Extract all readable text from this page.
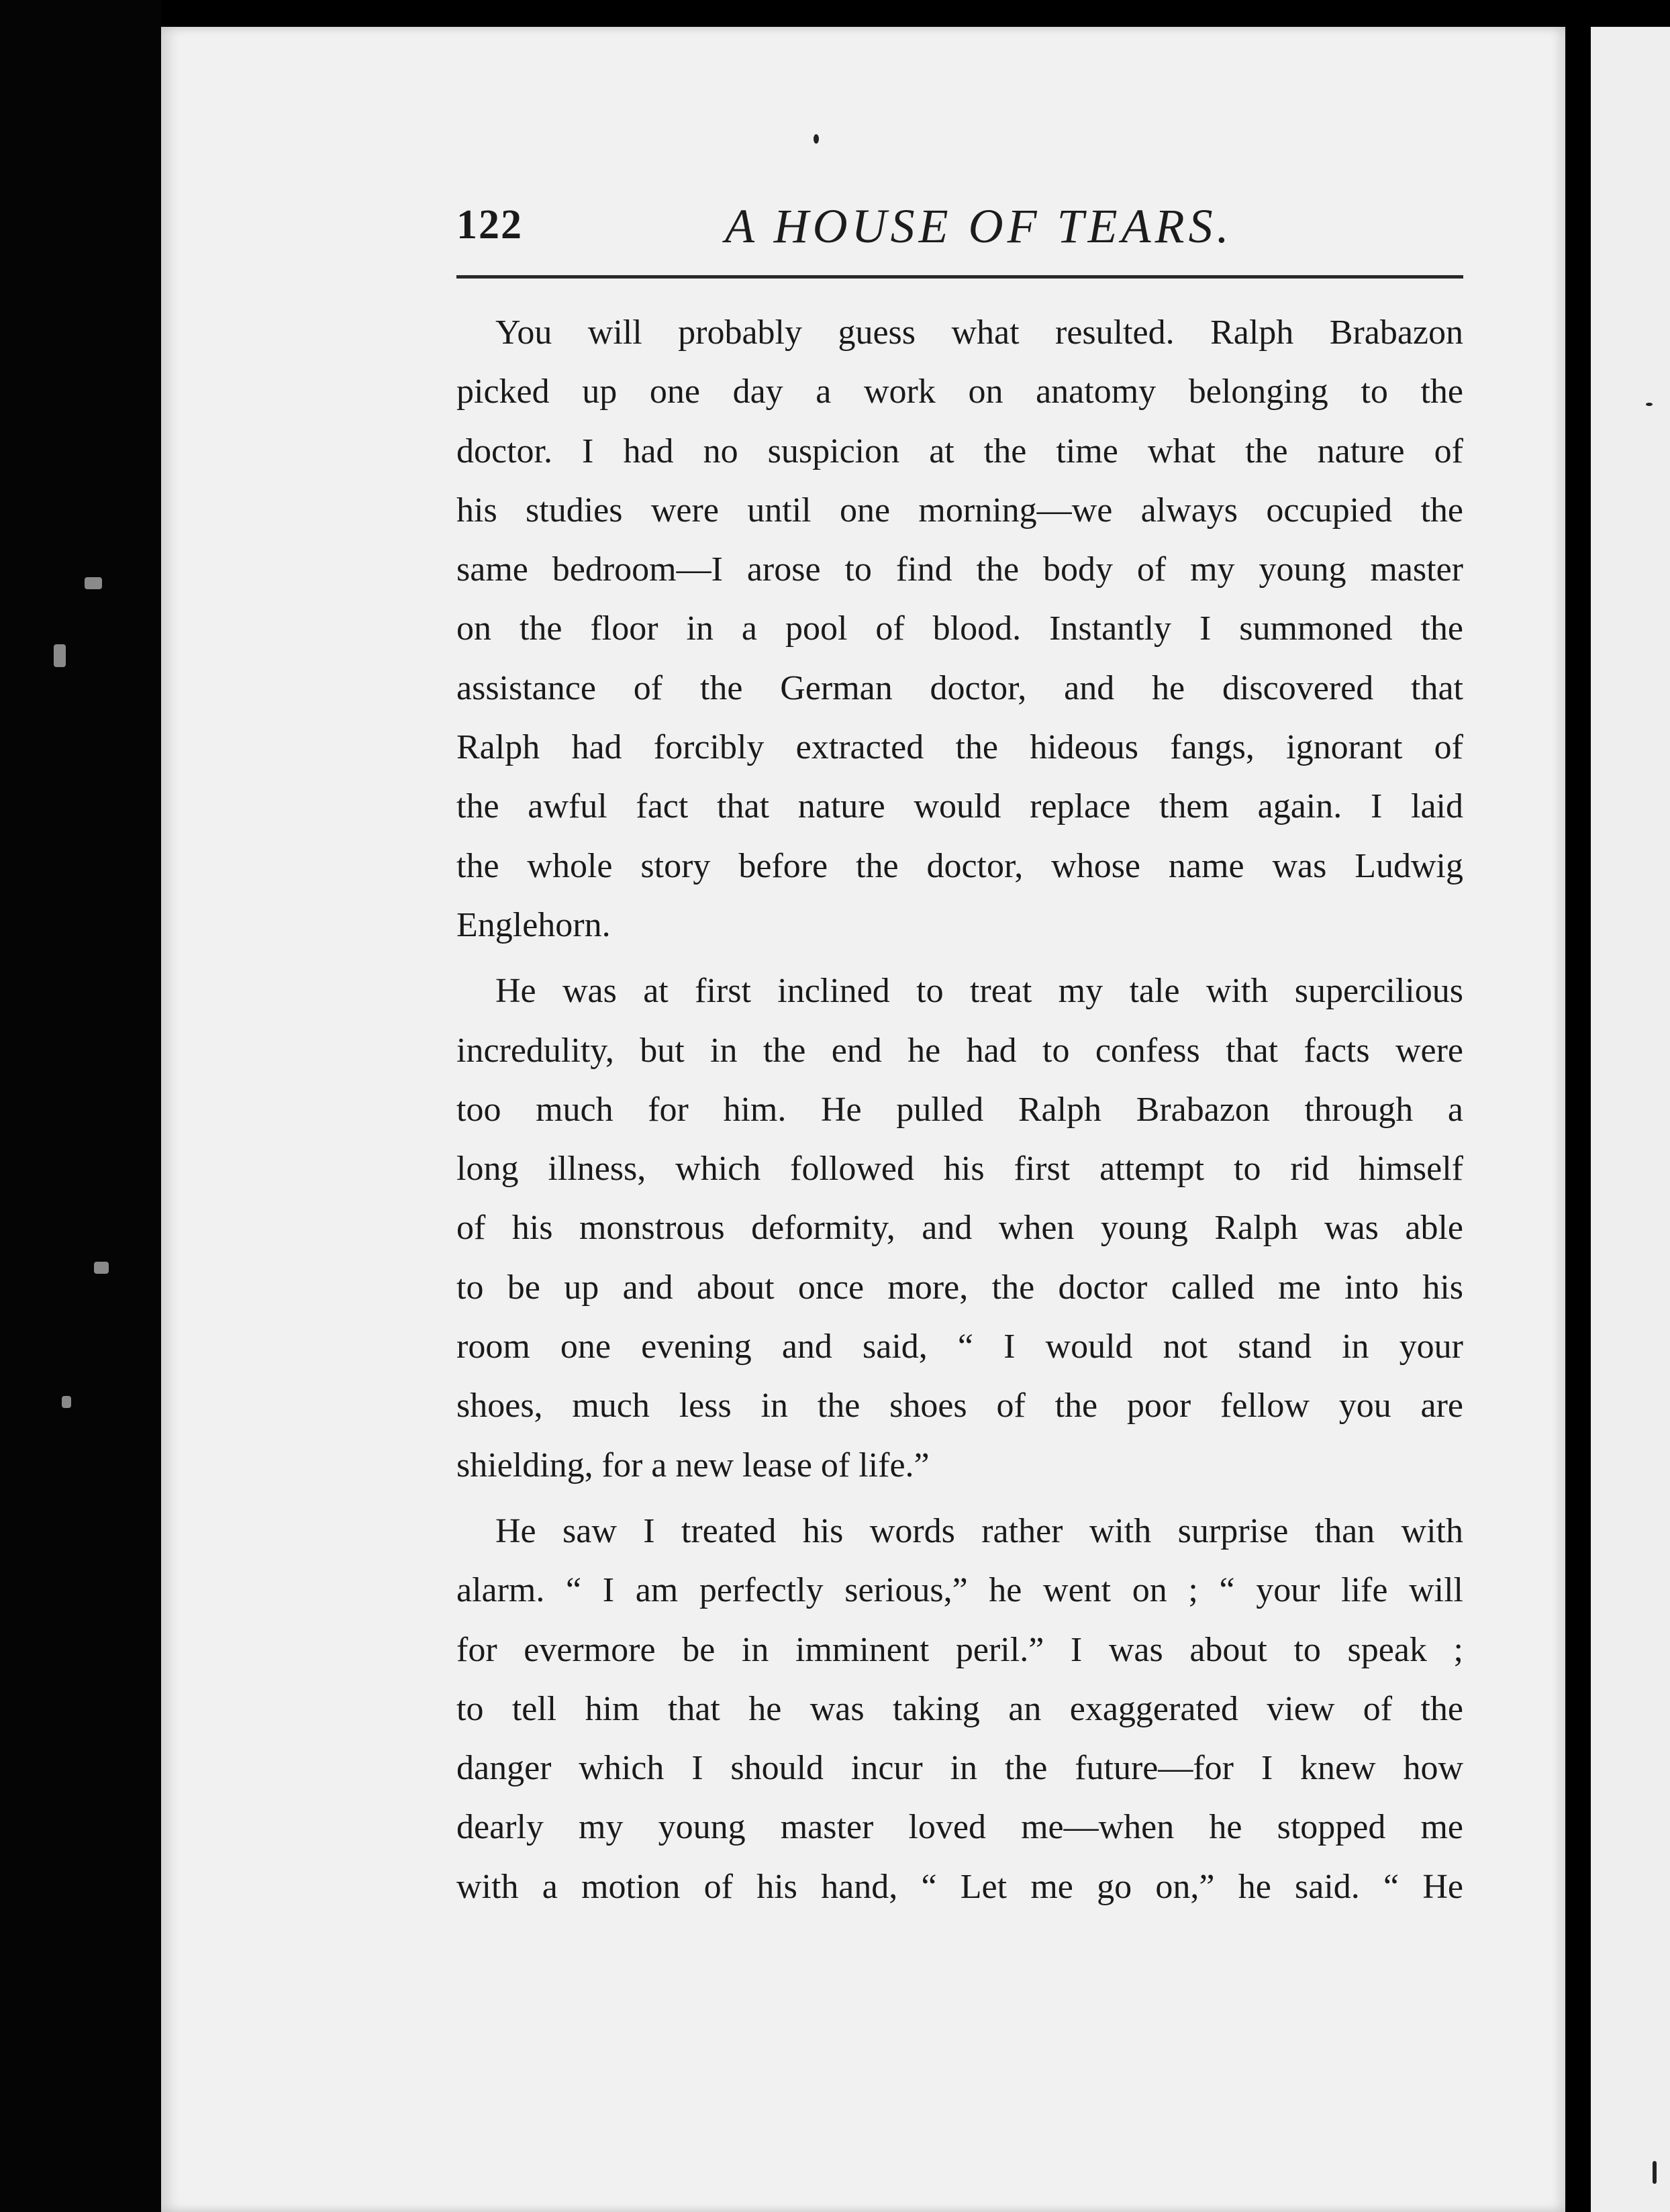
122	A HOUSE OF TEARS.
You will probably guess what resulted. Ralph Brabazon
picked up one day a work on anatomy belonging to the
doctor. I had no suspicion at the time what the nature of
his studies were until one morning—we always occupied the
same bedroom—I arose to find the body of my young master
on the floor in a pool of blood. Instantly I summoned the
assistance of the German doctor, and he discovered that
Ralph had forcibly extracted the hideous fangs, ignorant of
the awful fact that nature would replace them again. I laid
the whole story before the doctor, whose name was Ludwig
Englehorn.
He was at first inclined to treat my tale with supercilious
incredulity, but in the end he had to confess that facts were
too much for him. He pulled Ralph Brabazon through a
long illness, which followed his first attempt to rid himself
of his monstrous deformity, and when young Ralph was able
to be up and about once more, the doctor called me into his
room one evening and said, “ I would not stand in your
shoes, much less in the shoes of the poor fellow you are
shielding, for a new lease of life.”
He saw I treated his words rather with surprise than with
alarm. “ I am perfectly serious,” he went on ; “ your life will
for evermore be in imminent peril.” I was about to speak ;
to tell him that he was taking an exaggerated view of the
danger which I should incur in the future—for I knew how
dearly my young master loved me—when he stopped me
with a motion of his hand, “ Let me go on,” he said. “ He
